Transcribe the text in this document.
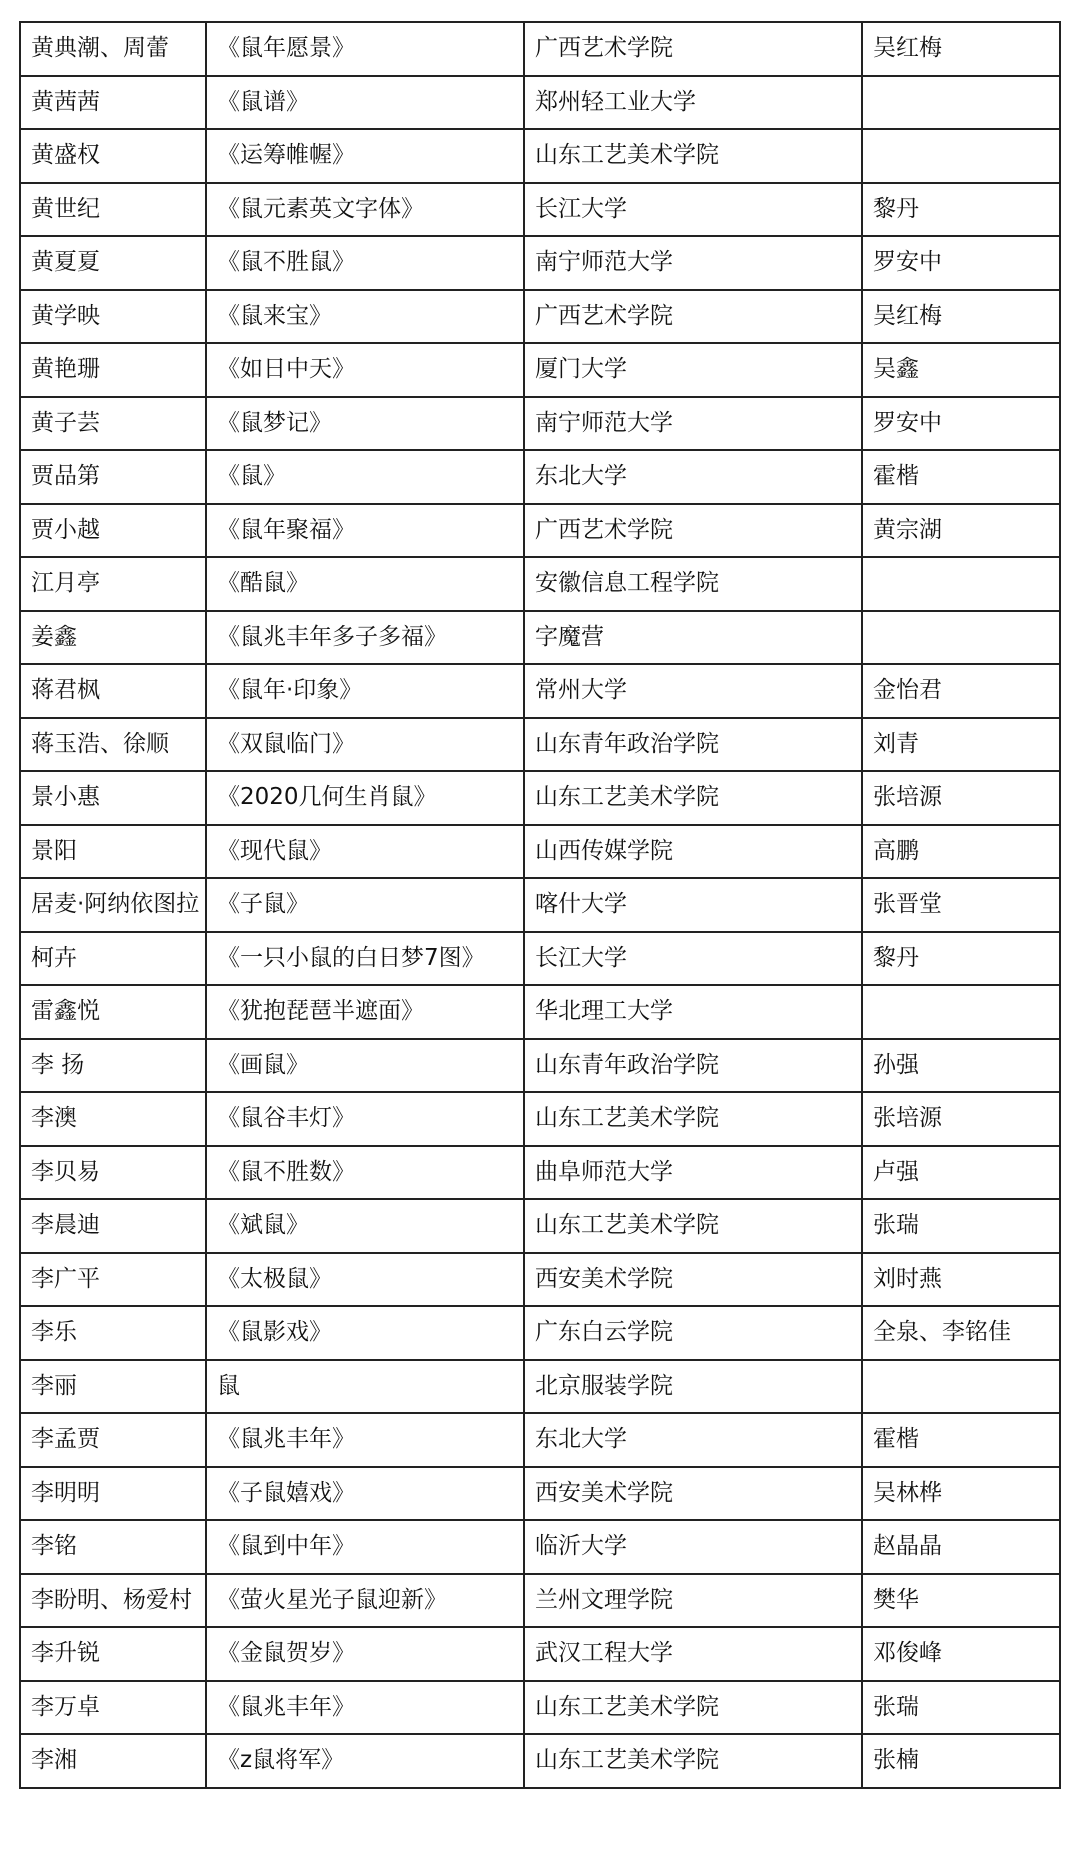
黄典潮、周蕾	《鼠年愿景》	广西艺术学院	吴红梅
黄茜茜	《鼠谱》	郑州轻工业大学	
黄盛权	《运筹帷幄》	山东工艺美术学院	
黄世纪	《鼠元素英文字体》	长江大学	黎丹
黄夏夏	《鼠不胜鼠》	南宁师范大学	罗安中
黄学映	《鼠来宝》	广西艺术学院	吴红梅
黄艳珊	《如日中天》	厦门大学	吴鑫
黄子芸	《鼠梦记》	南宁师范大学	罗安中
贾品第	《鼠》	东北大学	霍楷
贾小越	《鼠年聚福》	广西艺术学院	黄宗湖
江月亭	《酷鼠》	安徽信息工程学院	
姜鑫	《鼠兆丰年多子多福》	字魔营	
蒋君枫	《鼠年·印象》	常州大学	金怡君
蒋玉浩、徐顺	《双鼠临门》	山东青年政治学院	刘青
景小惠	《2020几何生肖鼠》	山东工艺美术学院	张培源
景阳	《现代鼠》	山西传媒学院	高鹏
居麦·阿纳依图拉	《子鼠》	喀什大学	张晋堂
柯卉	《一只小鼠的白日梦7图》	长江大学	黎丹
雷鑫悦	《犹抱琵琶半遮面》	华北理工大学	
李 扬	《画鼠》	山东青年政治学院	孙强
李澳	《鼠谷丰灯》	山东工艺美术学院	张培源
李贝易	《鼠不胜数》	曲阜师范大学	卢强
李晨迪	《斌鼠》	山东工艺美术学院	张瑞
李广平	《太极鼠》	西安美术学院	刘时燕
李乐	《鼠影戏》	广东白云学院	全泉、李铭佳
李丽	鼠	北京服装学院	
李孟贾	《鼠兆丰年》	东北大学	霍楷
李明明	《子鼠嬉戏》	西安美术学院	吴林桦
李铭	《鼠到中年》	临沂大学	赵晶晶
李盼明、杨爱村	《萤火星光子鼠迎新》	兰州文理学院	樊华
李升锐	《金鼠贺岁》	武汉工程大学	邓俊峰
李万卓	《鼠兆丰年》	山东工艺美术学院	张瑞
李湘	《z鼠将军》	山东工艺美术学院	张楠
